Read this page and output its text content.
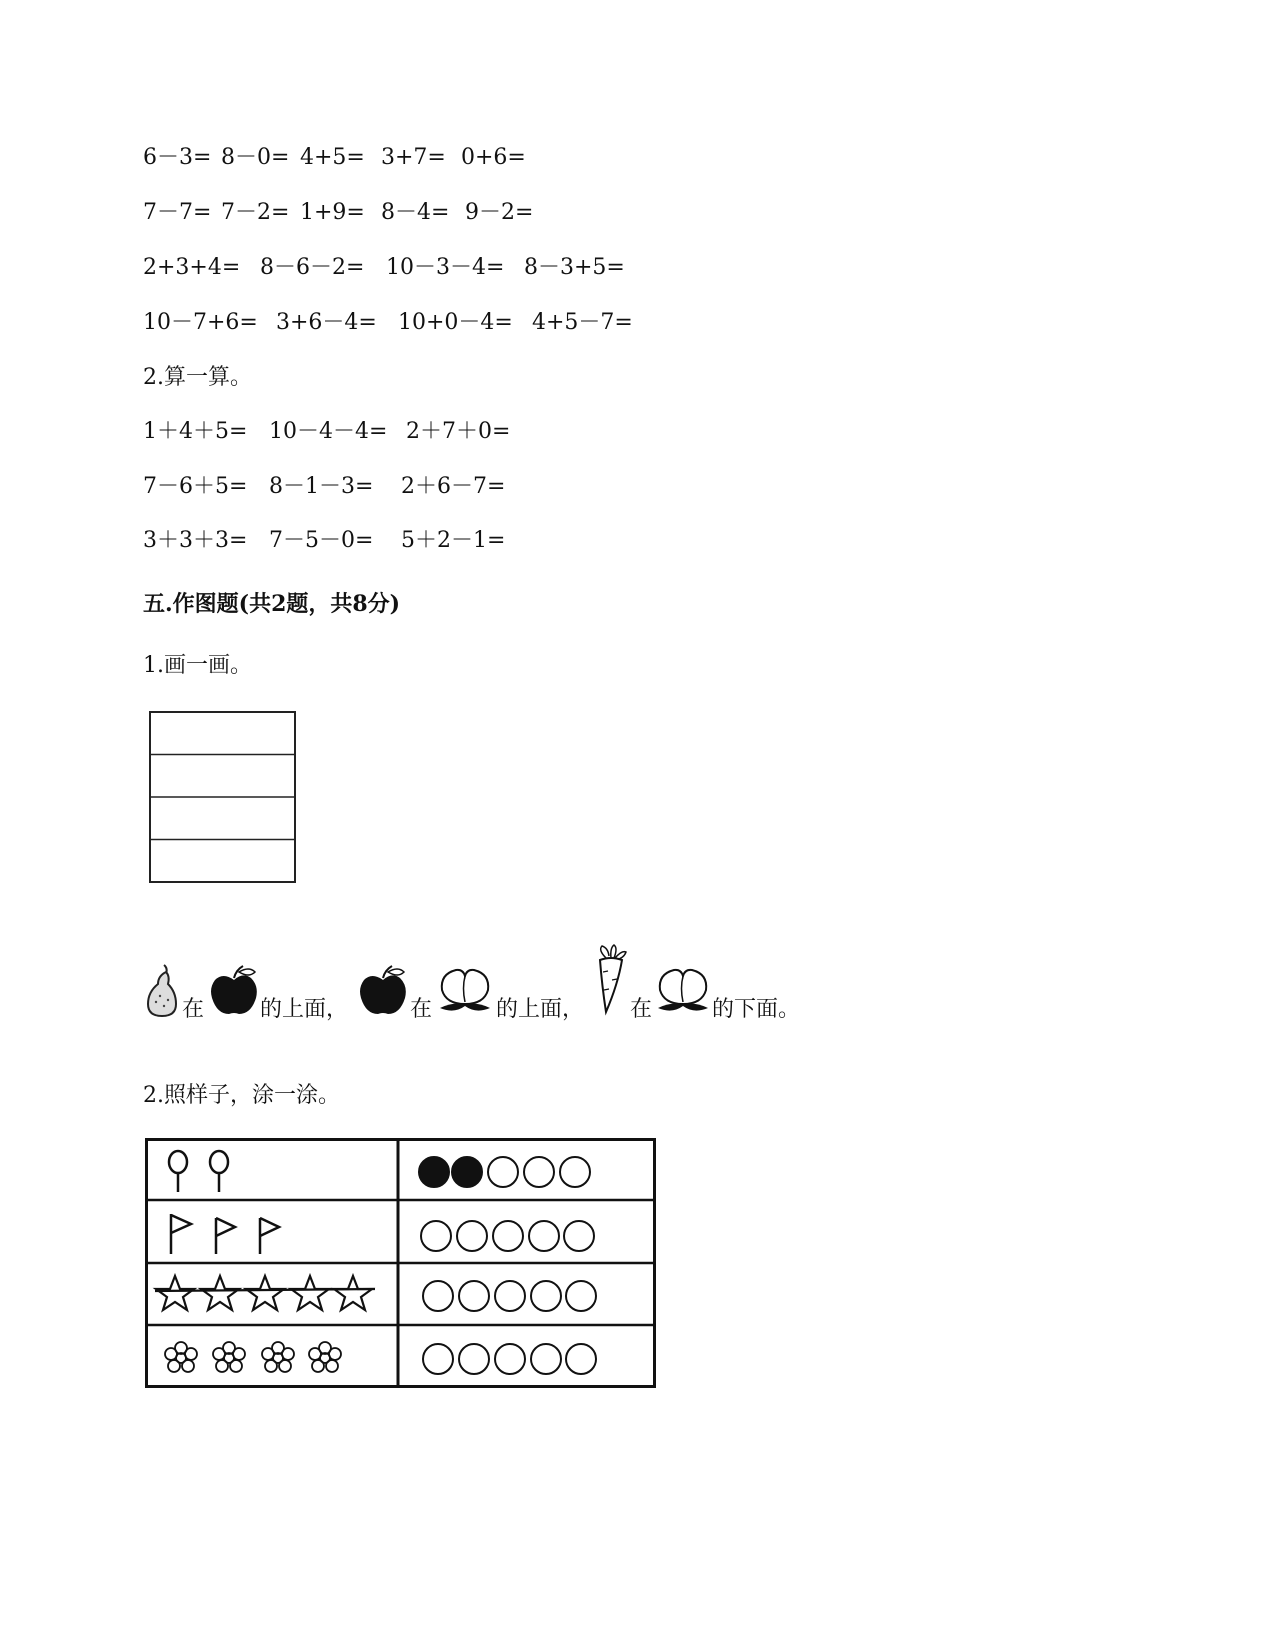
6－3= 8－0= 4+5= 3+7= 0+6=
7－7= 7－2= 1+9= 8－4= 9－2=
2+3+4= 8－6－2= 10－3－4= 8－3+5=
10－7+6= 3+6－4= 10+0－4= 4+5－7=
2.算一算。
1＋4＋5= 10－4－4= 2＋7＋0=
7－6＋5= 8－1－3= 2＋6－7=
3＋3＋3= 7－5－0= 5＋2－1=
五.作图题(共2题，共8分)
1.画一画。
在	的上面，	在	的上面， 在	的下面。
2.照样子，涂一涂。
